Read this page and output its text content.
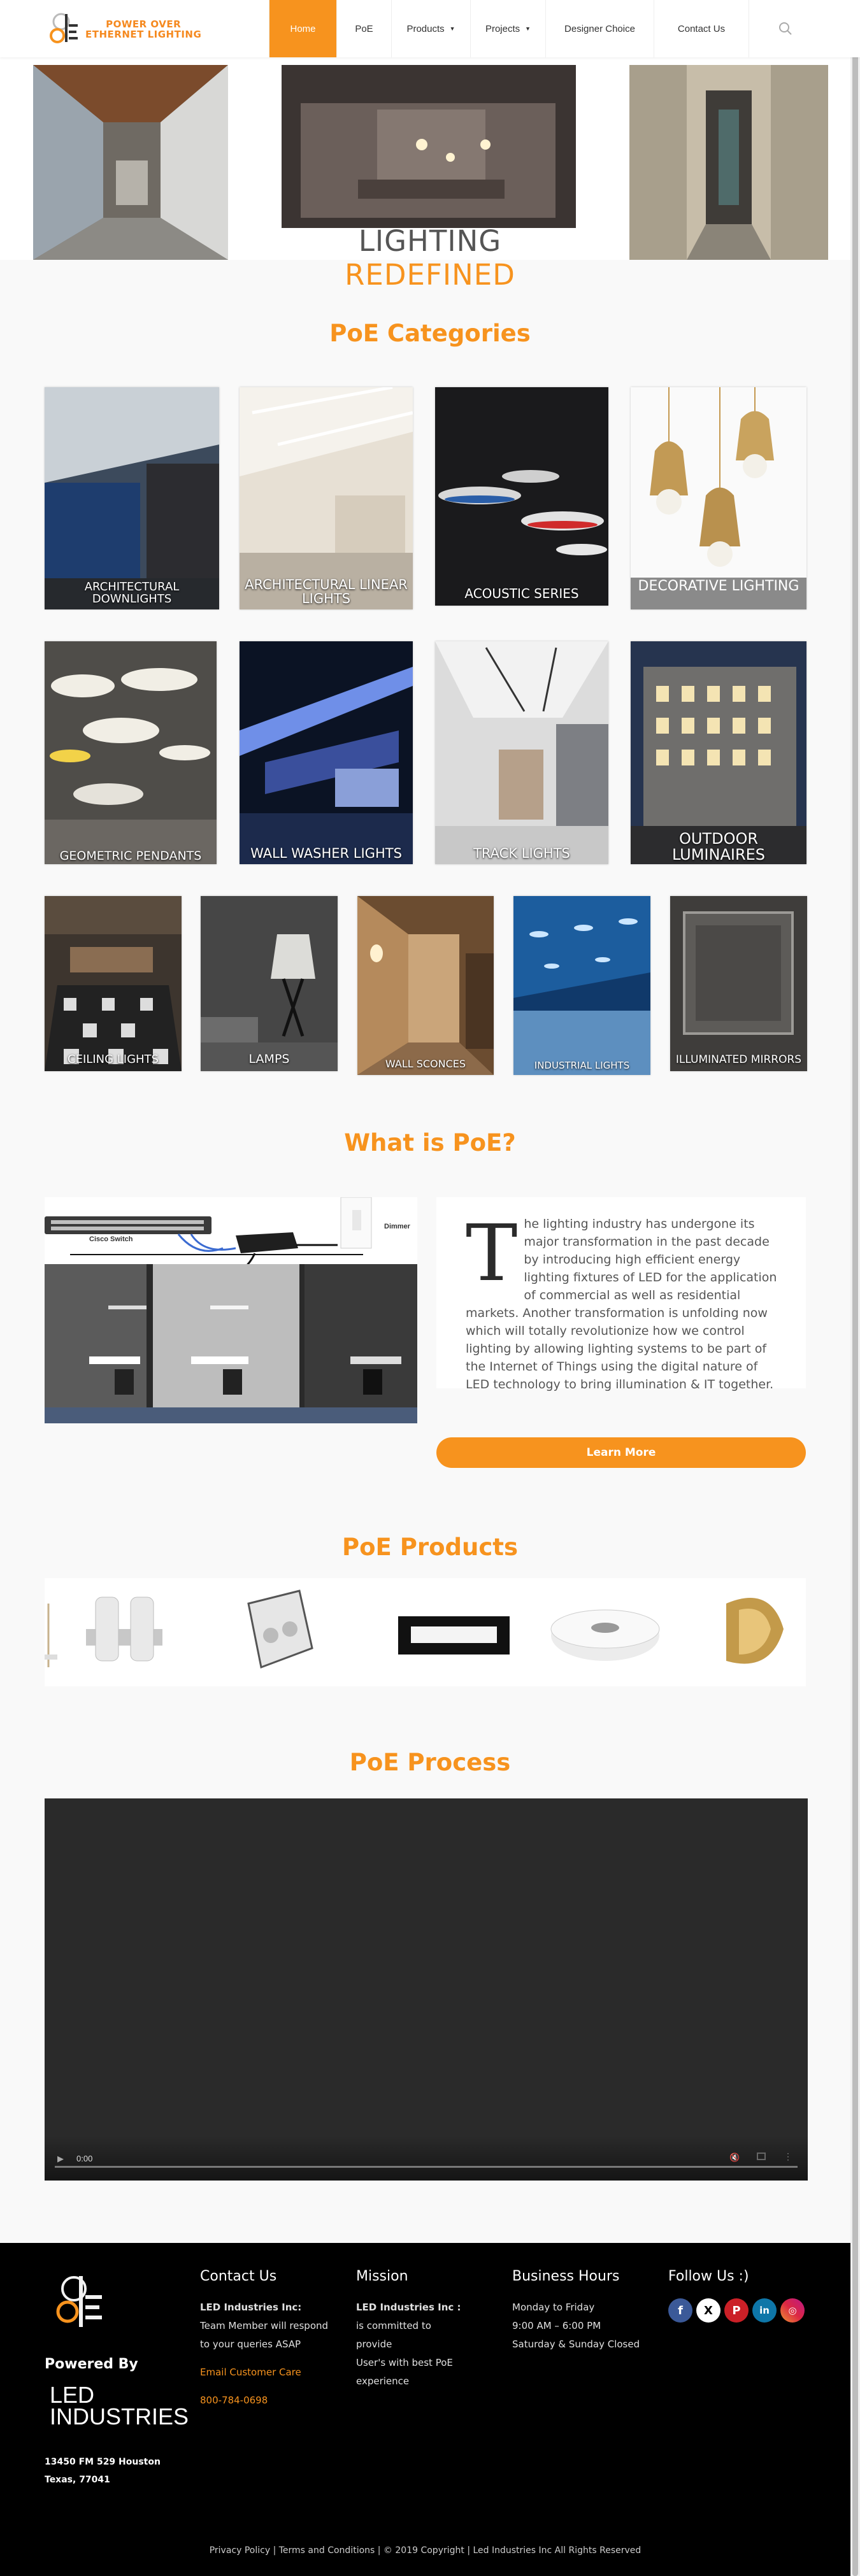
POWER OVER
ETHERNET LIGHTING	Home	PoE	Products ▼	Projects ▼	Designer Choice	Contact Us
LIGHTING REDEFINED
PoE Categories
ARCHITECTURAL DOWNLIGHTS
ARCHITECTURAL LINEAR LIGHTS	ACOUSTIC SERIES	DECORATIVE LIGHTING
GEOMETRIC PENDANTS	WALL WASHER LIGHTS	TRACK LIGHTS
OUTDOOR LUMINAIRES
CEILING LIGHTS	LAMPS	WALL SCONCES	INDUSTRIAL LIGHTS	ILLUMINATED MIRRORS
What is PoE?
Cisco Switch
PoE Driver	Dimmer The lighting industry has undergone its major transformation in the past decade by introducing high efficient energy lighting fixtures of LED for the application of commercial as well as residential markets. Another transformation is unfolding now which will totally revolutionize how we control lighting by allowing lighting systems to be part of the Internet of Things using the digital nature of LED technology to bring illumination & IT together.

Learn More
PoE Products
PoE Process
▶ 0:00	🔇	⋮
Powered By
LED
INDUSTRIES
13450 FM 529 Houston
Texas, 77041
Contact Us
LED Industries Inc:
Team Member will respond
to your queries ASAP
Email Customer Care
800-784-0698
Mission
LED Industries Inc :
is committed to
provide
User's with best PoE
experience
Business Hours
Monday to Friday
9:00 AM – 6:00 PM
Saturday & Sunday Closed
Follow Us :)
f	X	P	in	◎
Privacy Policy | Terms and Conditions | © 2019 Copyright | Led Industries Inc All Rights Reserved
